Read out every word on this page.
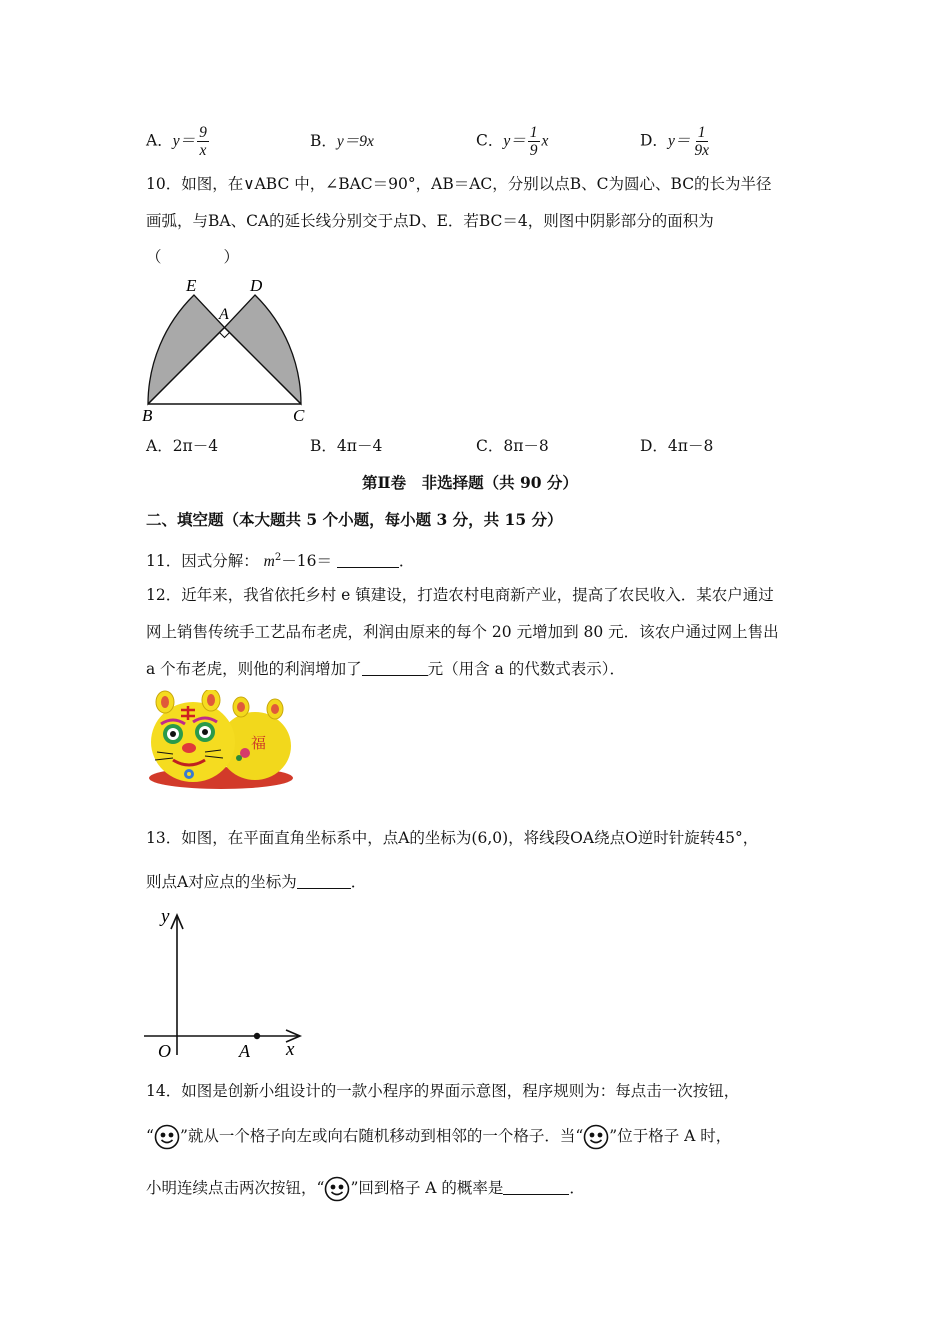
A．$y= \frac{9}{x}$	B．y＝9x	C．$y= \frac{1}{9}$ x	D．$y= \frac{1}{9x}$
10．如图，在∨ABC 中，∠BAC＝90°，AB＝AC，分别以点B、C为圆心、BC的长为半径
画弧，与BA、CA的延长线分别交于点D、E．若BC＝4，则图中阴影部分的面积为
（　　　　）
E	D
A
B	C
A．2π－4	B．4π－4	C．8π－8	D．4π－8
第Ⅱ卷　非选择题（共 90 分）
二、填空题（本大题共 5 个小题，每小题 3 分，共 15 分）
11．因式分解： $m^2-16=$	．
12．近年来，我省依托乡村 e 镇建设，打造农村电商新产业，提高了农民收入．某农户通过
网上销售传统手工艺品布老虎，利润由原来的每个 20 元增加到 80 元．该农户通过网上售出
a 个布老虎，则他的利润增加了	元（用含 a 的代数式表示）．
福
13．如图，在平面直角坐标系中，点A的坐标为(6,0)，将线段OA绕点O逆时针旋转45°，
则点A对应点的坐标为	．
y
x
O	A
14．如图是创新小组设计的一款小程序的界面示意图，程序规则为：每点击一次按钮，
“ ”就从一个格子向左或向右随机移动到相邻的一个格子．当“ ”位于格子 A 时，
小明连续点击两次按钮，“ ”回到格子 A 的概率是	．
